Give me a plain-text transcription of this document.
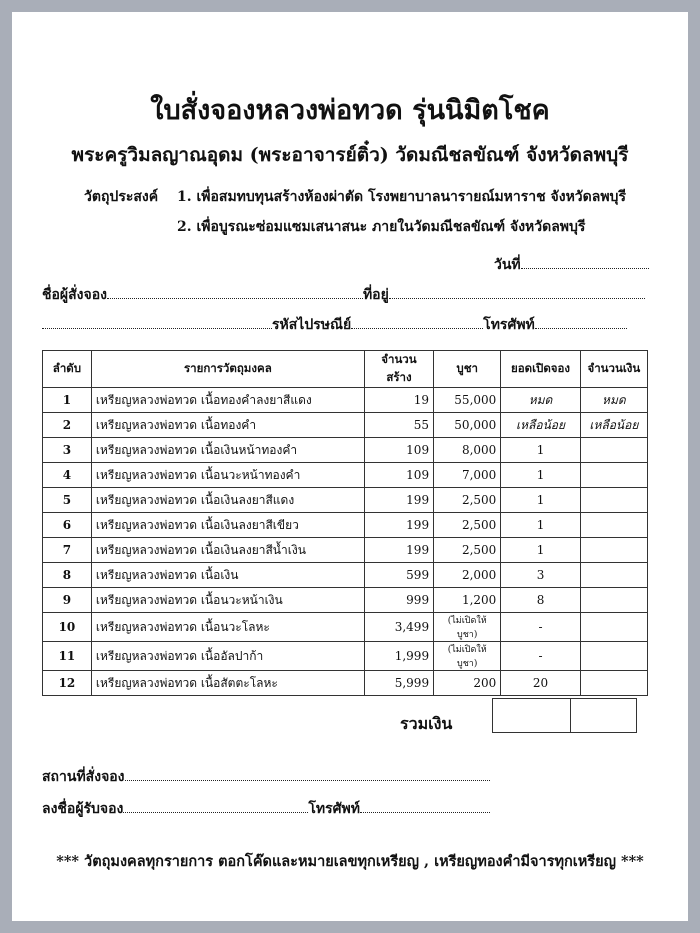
ใบสั่งจองหลวงพ่อทวด รุ่นนิมิตโชค
พระครูวิมลญาณอุดม (พระอาจารย์ติ๋ว) วัดมณีชลขัณฑ์ จังหวัดลพบุรี
วัตถุประสงค์ 1. เพื่อสมทบทุนสร้างห้องผ่าตัด โรงพยาบาลนารายณ์มหาราช จังหวัดลพบุรี
2. เพื่อบูรณะซ่อมแซมเสนาสนะ ภายในวัดมณีชลขัณฑ์ จังหวัดลพบุรี
วันที่
ชื่อผู้สั่งจอง	ที่อยู่
รหัสไปรษณีย์	โทรศัพท์
ลำดับ	รายการวัตถุมงคล	จำนวนสร้าง	บูชา	ยอดเปิดจอง	จำนวนเงิน
1	เหรียญหลวงพ่อทวด เนื้อทองคำลงยาสีแดง	19	55,000	หมด	หมด
2	เหรียญหลวงพ่อทวด เนื้อทองคำ	55	50,000	เหลือน้อย	เหลือน้อย
3	เหรียญหลวงพ่อทวด เนื้อเงินหน้าทองคำ	109	8,000	1	
4	เหรียญหลวงพ่อทวด เนื้อนวะหน้าทองคำ	109	7,000	1	
5	เหรียญหลวงพ่อทวด เนื้อเงินลงยาสีแดง	199	2,500	1	
6	เหรียญหลวงพ่อทวด เนื้อเงินลงยาสีเขียว	199	2,500	1	
7	เหรียญหลวงพ่อทวด เนื้อเงินลงยาสีน้ำเงิน	199	2,500	1	
8	เหรียญหลวงพ่อทวด เนื้อเงิน	599	2,000	3	
9	เหรียญหลวงพ่อทวด เนื้อนวะหน้าเงิน	999	1,200	8	
10	เหรียญหลวงพ่อทวด เนื้อนวะโลหะ	3,499	(ไม่เปิดให้บูชา)	-	
11	เหรียญหลวงพ่อทวด เนื้ออัลปาก้า	1,999	(ไม่เปิดให้บูชา)	-	
12	เหรียญหลวงพ่อทวด เนื้อสัตตะโลหะ	5,999	200	20	
รวมเงิน

สถานที่สั่งจอง
ลงชื่อผู้รับจอง	โทรศัพท์
*** วัตถุมงคลทุกรายการ ตอกโค๊ดและหมายเลขทุกเหรียญ , เหรียญทองคำมีจารทุกเหรียญ ***
